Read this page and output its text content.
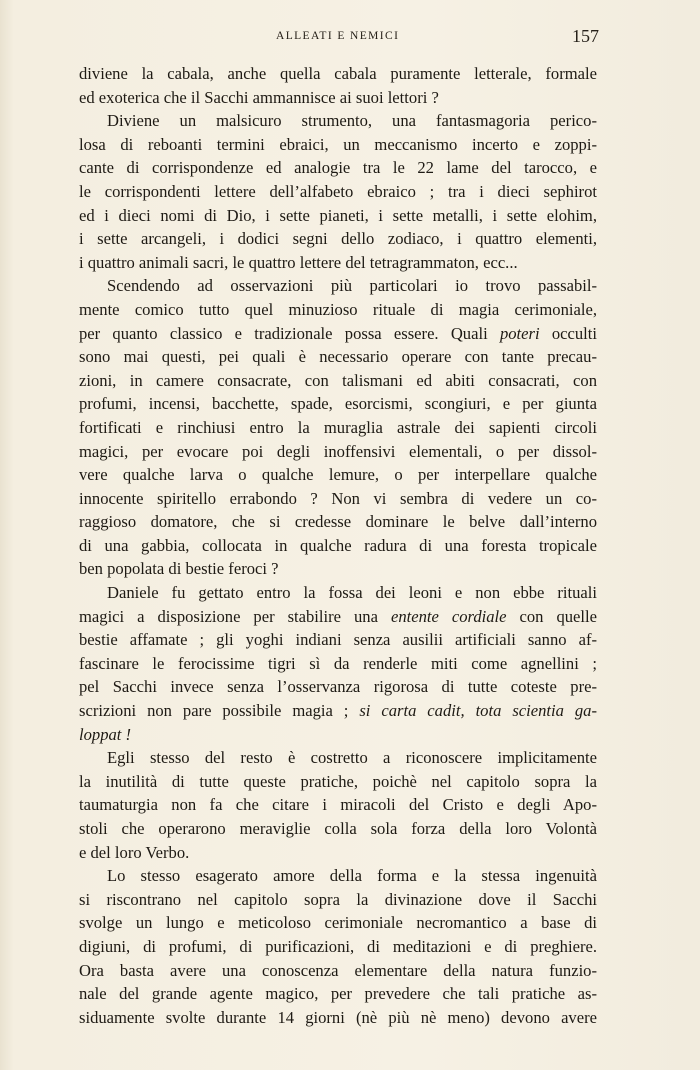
ALLEATI E NEMICI	157

diviene la cabala, anche quella cabala puramente letterale, formale
ed exoterica che il Sacchi ammannisce ai suoi lettori ?

Diviene un malsicuro strumento, una fantasmagoria perico-
losa di reboanti termini ebraici, un meccanismo incerto e zoppi-
cante di corrispondenze ed analogie tra le 22 lame del tarocco, e
le corrispondenti lettere dell’alfabeto ebraico ; tra i dieci sephirot
ed i dieci nomi di Dio, i sette pianeti, i sette metalli, i sette elohim,
i sette arcangeli, i dodici segni dello zodiaco, i quattro elementi,
i quattro animali sacri, le quattro lettere del tetragrammaton, ecc...

Scendendo ad osservazioni più particolari io trovo passabil-
mente comico tutto quel minuzioso rituale di magia cerimoniale,
per quanto classico e tradizionale possa essere. Quali poteri occulti
sono mai questi, pei quali è necessario operare con tante precau-
zioni, in camere consacrate, con talismani ed abiti consacrati, con
profumi, incensi, bacchette, spade, esorcismi, scongiuri, e per giunta
fortificati e rinchiusi entro la muraglia astrale dei sapienti circoli
magici, per evocare poi degli inoffensivi elementali, o per dissol-
vere qualche larva o qualche lemure, o per interpellare qualche
innocente spiritello errabondo ? Non vi sembra di vedere un co-
raggioso domatore, che si credesse dominare le belve dall’interno
di una gabbia, collocata in qualche radura di una foresta tropicale
ben popolata di bestie feroci ?

Daniele fu gettato entro la fossa dei leoni e non ebbe rituali
magici a disposizione per stabilire una entente cordiale con quelle
bestie affamate ; gli yoghi indiani senza ausilii artificiali sanno af-
fascinare le ferocissime tigri sì da renderle miti come agnellini ;
pel Sacchi invece senza l’osservanza rigorosa di tutte coteste pre-
scrizioni non pare possibile magia ; si carta cadit, tota scientia ga-
loppat !

Egli stesso del resto è costretto a riconoscere implicitamente
la inutilità di tutte queste pratiche, poichè nel capitolo sopra la
taumaturgia non fa che citare i miracoli del Cristo e degli Apo-
stoli che operarono meraviglie colla sola forza della loro Volontà
e del loro Verbo.

Lo stesso esagerato amore della forma e la stessa ingenuità
si riscontrano nel capitolo sopra la divinazione dove il Sacchi
svolge un lungo e meticoloso cerimoniale necromantico a base di
digiuni, di profumi, di purificazioni, di meditazioni e di preghiere.
Ora basta avere una conoscenza elementare della natura funzio-
nale del grande agente magico, per prevedere che tali pratiche as-
siduamente svolte durante 14 giorni (nè più nè meno) devono avere
